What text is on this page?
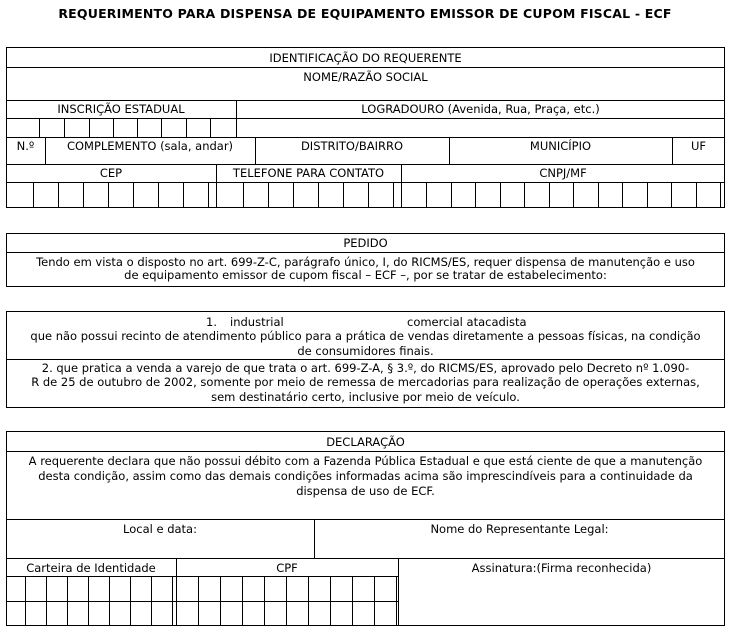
REQUERIMENTO PARA DISPENSA DE EQUIPAMENTO EMISSOR DE CUPOM FISCAL - ECF
IDENTIFICAÇÃO DO REQUERENTE
NOME/RAZÃO SOCIAL
INSCRIÇÃO ESTADUAL	LOGRADOURO (Avenida, Rua, Praça, etc.)
N.º	COMPLEMENTO (sala, andar)	DISTRITO/BAIRRO	MUNICÍPIO	UF
CEP	TELEFONE PARA CONTATO	CNPJ/MF
PEDIDO
Tendo em vista o disposto no art. 699-Z-C, parágrafo único, I, do RICMS/ES, requer dispensa de manutenção e uso
de equipamento emissor de cupom fiscal – ECF –, por se tratar de estabelecimento:
1. industrial	comercial atacadista
que não possui recinto de atendimento público para a prática de vendas diretamente a pessoas físicas, na condição
de consumidores finais.
2. que pratica a venda a varejo de que trata o art. 699-Z-A, § 3.º, do RICMS/ES, aprovado pelo Decreto nº 1.090-
R de 25 de outubro de 2002, somente por meio de remessa de mercadorias para realização de operações externas,
sem destinatário certo, inclusive por meio de veículo.
DECLARAÇÃO
A requerente declara que não possui débito com a Fazenda Pública Estadual e que está ciente de que a manutenção
desta condição, assim como das demais condições informadas acima são imprescindíveis para a continuidade da
dispensa de uso de ECF.
Local e data:	Nome do Representante Legal:
Carteira de Identidade	CPF	Assinatura:(Firma reconhecida)
